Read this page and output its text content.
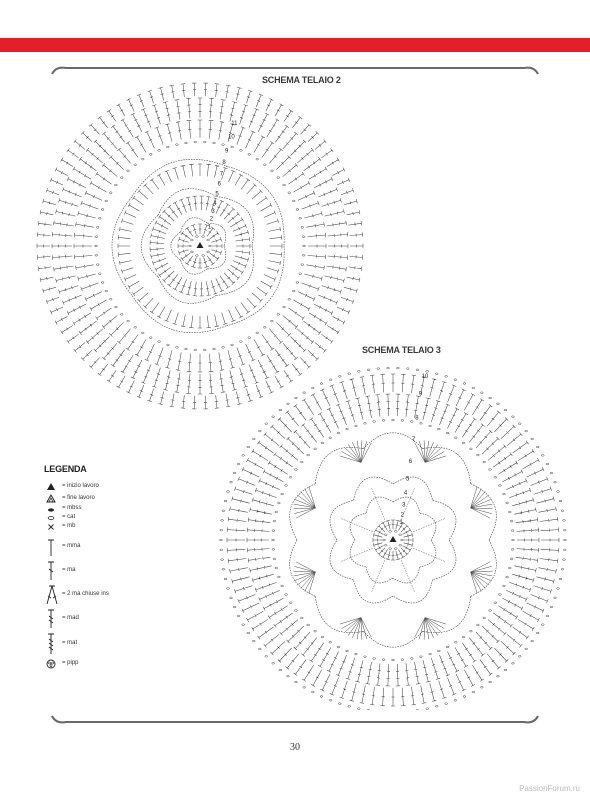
SCHEMA TELAIO 2
1
2
3
4
5
6
7
8
9
10
11
SCHEMA TELAIO 3
1
2
3
4
5
6
7
8
9
10
LEGENDA
= inizio lavoro
= fine lavoro
= mbss
= cat
= mb
= mma
= ma
= 2 ma chiuse ins
= mad
= mat
= pipp
30
PassionForum.ru
